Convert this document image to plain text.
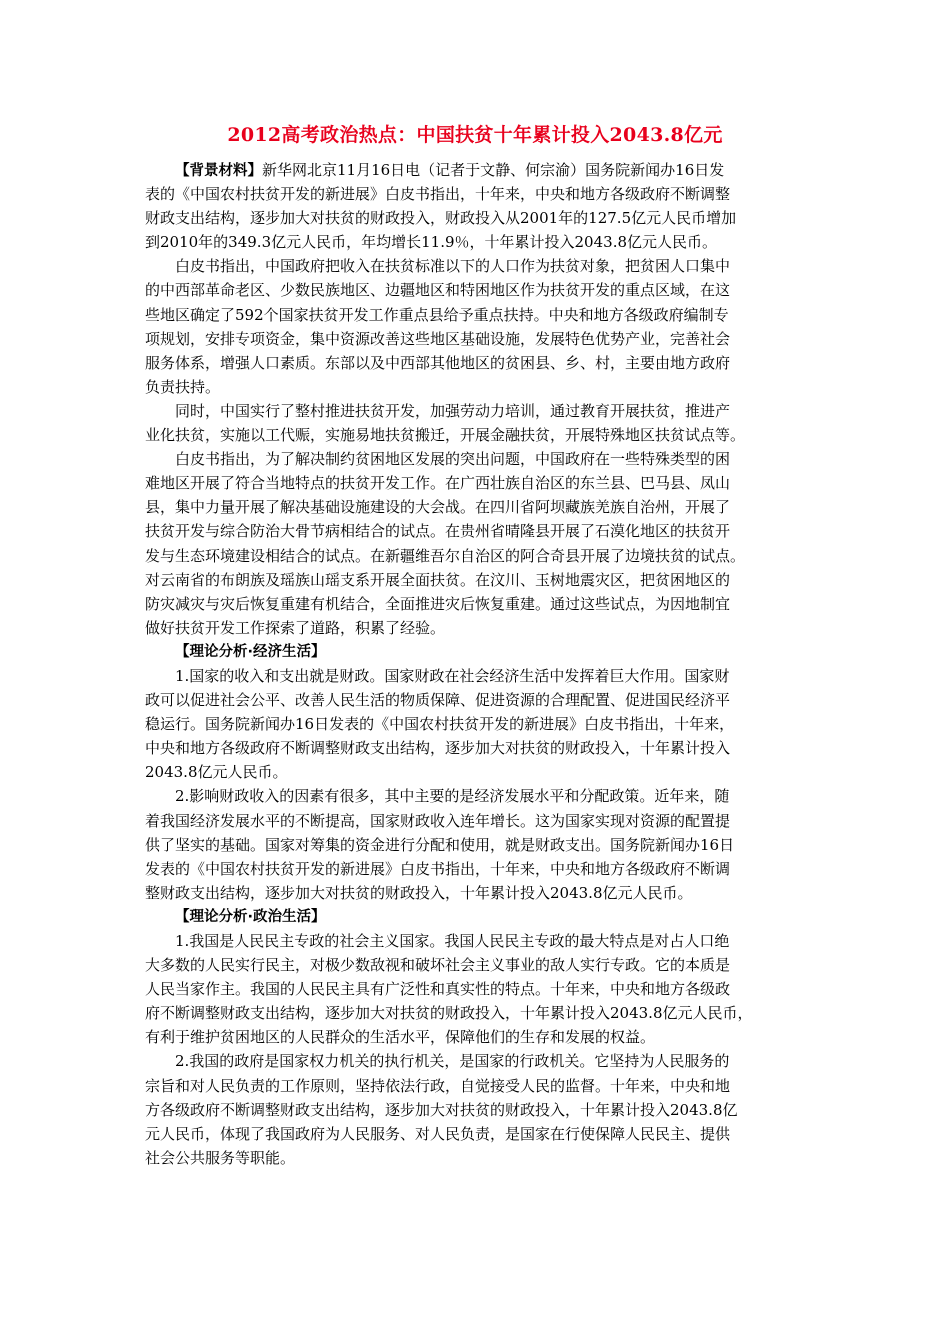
2012高考政治热点：中国扶贫十年累计投入2043.8亿元
【背景材料】新华网北京11月16日电（记者于文静、何宗渝）国务院新闻办16日发
表的《中国农村扶贫开发的新进展》白皮书指出，十年来，中央和地方各级政府不断调整
财政支出结构，逐步加大对扶贫的财政投入，财政投入从2001年的127.5亿元人民币增加
到2010年的349.3亿元人民币，年均增长11.9％，十年累计投入2043.8亿元人民币。
白皮书指出，中国政府把收入在扶贫标准以下的人口作为扶贫对象，把贫困人口集中
的中西部革命老区、少数民族地区、边疆地区和特困地区作为扶贫开发的重点区域，在这
些地区确定了592个国家扶贫开发工作重点县给予重点扶持。中央和地方各级政府编制专
项规划，安排专项资金，集中资源改善这些地区基础设施，发展特色优势产业，完善社会
服务体系，增强人口素质。东部以及中西部其他地区的贫困县、乡、村，主要由地方政府
负责扶持。
同时，中国实行了整村推进扶贫开发，加强劳动力培训，通过教育开展扶贫，推进产
业化扶贫，实施以工代赈，实施易地扶贫搬迁，开展金融扶贫，开展特殊地区扶贫试点等。
白皮书指出，为了解决制约贫困地区发展的突出问题，中国政府在一些特殊类型的困
难地区开展了符合当地特点的扶贫开发工作。在广西壮族自治区的东兰县、巴马县、凤山
县，集中力量开展了解决基础设施建设的大会战。在四川省阿坝藏族羌族自治州，开展了
扶贫开发与综合防治大骨节病相结合的试点。在贵州省晴隆县开展了石漠化地区的扶贫开
发与生态环境建设相结合的试点。在新疆维吾尔自治区的阿合奇县开展了边境扶贫的试点。
对云南省的布朗族及瑶族山瑶支系开展全面扶贫。在汶川、玉树地震灾区，把贫困地区的
防灾减灾与灾后恢复重建有机结合，全面推进灾后恢复重建。通过这些试点，为因地制宜
做好扶贫开发工作探索了道路，积累了经验。
【理论分析·经济生活】
1.国家的收入和支出就是财政。国家财政在社会经济生活中发挥着巨大作用。国家财
政可以促进社会公平、改善人民生活的物质保障、促进资源的合理配置、促进国民经济平
稳运行。国务院新闻办16日发表的《中国农村扶贫开发的新进展》白皮书指出，十年来，
中央和地方各级政府不断调整财政支出结构，逐步加大对扶贫的财政投入，十年累计投入
2043.8亿元人民币。
2.影响财政收入的因素有很多，其中主要的是经济发展水平和分配政策。近年来，随
着我国经济发展水平的不断提高，国家财政收入连年增长。这为国家实现对资源的配置提
供了坚实的基础。国家对筹集的资金进行分配和使用，就是财政支出。国务院新闻办16日
发表的《中国农村扶贫开发的新进展》白皮书指出，十年来，中央和地方各级政府不断调
整财政支出结构，逐步加大对扶贫的财政投入，十年累计投入2043.8亿元人民币。
【理论分析·政治生活】
1.我国是人民民主专政的社会主义国家。我国人民民主专政的最大特点是对占人口绝
大多数的人民实行民主，对极少数敌视和破坏社会主义事业的敌人实行专政。它的本质是
人民当家作主。我国的人民民主具有广泛性和真实性的特点。十年来，中央和地方各级政
府不断调整财政支出结构，逐步加大对扶贫的财政投入，十年累计投入2043.8亿元人民币，
有利于维护贫困地区的人民群众的生活水平，保障他们的生存和发展的权益。
2.我国的政府是国家权力机关的执行机关，是国家的行政机关。它坚持为人民服务的
宗旨和对人民负责的工作原则，坚持依法行政，自觉接受人民的监督。十年来，中央和地
方各级政府不断调整财政支出结构，逐步加大对扶贫的财政投入，十年累计投入2043.8亿
元人民币，体现了我国政府为人民服务、对人民负责，是国家在行使保障人民民主、提供
社会公共服务等职能。
